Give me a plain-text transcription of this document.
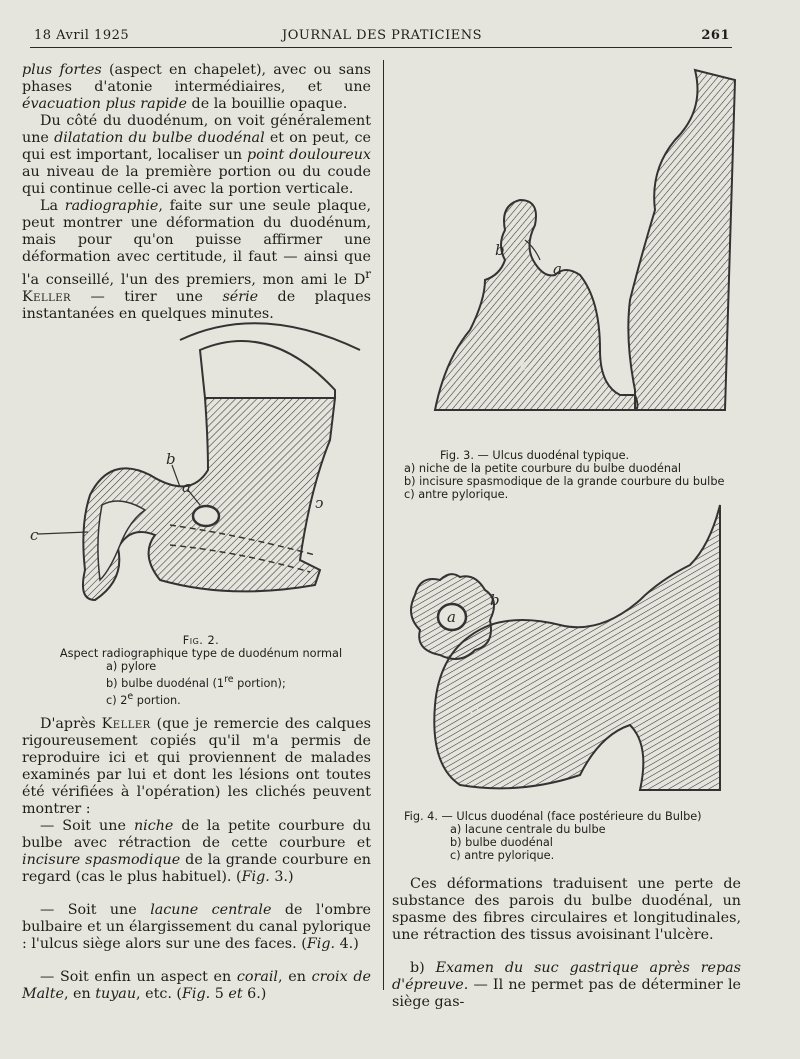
18 Avril 1925	JOURNAL DES PRATICIENS	261

plus fortes (aspect en chapelet), avec ou sans phases d'atonie intermédiaires, et une évacuation plus rapide de la bouillie opaque.

Du côté du duodénum, on voit généralement une dilatation du bulbe duodénal et on peut, ce qui est important, localiser un point douloureux au niveau de la première portion ou du coude qui continue celle-ci avec la portion verticale.

La radiographie, faite sur une seule plaque, peut montrer une déformation du duodénum, mais pour qu'on puisse affirmer une déformation avec certitude, il faut — ainsi que l'a conseillé, l'un des premiers, mon ami le $D^r$ Keller — tirer une série de plaques instantanées en quelques minutes.

b
a
c
ↄ
Fig. 2.
Aspect radiographique type de duodénum normal
a) pylore
b) bulbe duodénal (1re portion);
c) 2e portion.

D'après Keller (que je remercie des calques rigoureusement copiés qu'il m'a permis de reproduire ici et qui proviennent de malades examinés par lui et dont les lésions ont toutes été vérifiées à l'opération) les clichés peuvent montrer :

— Soit une niche de la petite courbure du bulbe avec rétraction de cette courbure et incisure spasmodique de la grande courbure en regard (cas le plus habituel). (Fig. 3.)

— Soit une lacune centrale de l'ombre bulbaire et un élargissement du canal pylorique : l'ulcus siège alors sur une des faces. (Fig. 4.)

— Soit enfin un aspect en corail, en croix de Malte, en tuyau, etc. (Fig. 5 et 6.)

b
a
c
Fig. 3. — Ulcus duodénal typique.
a) niche de la petite courbure du bulbe duodénal
b) incisure spasmodique de la grande courbure du bulbe
c) antre pylorique.
a
b
c
Fig. 4. — Ulcus duodénal (face postérieure du Bulbe)
a) lacune centrale du bulbe
b) bulbe duodénal
c) antre pylorique.

Ces déformations traduisent une perte de substance des parois du bulbe duodénal, un spasme des fibres circulaires et longitudinales, une rétraction des tissus avoisinant l'ulcère.

b) Examen du suc gastrique après repas d'épreuve. — Il ne permet pas de déterminer le siège gas-
